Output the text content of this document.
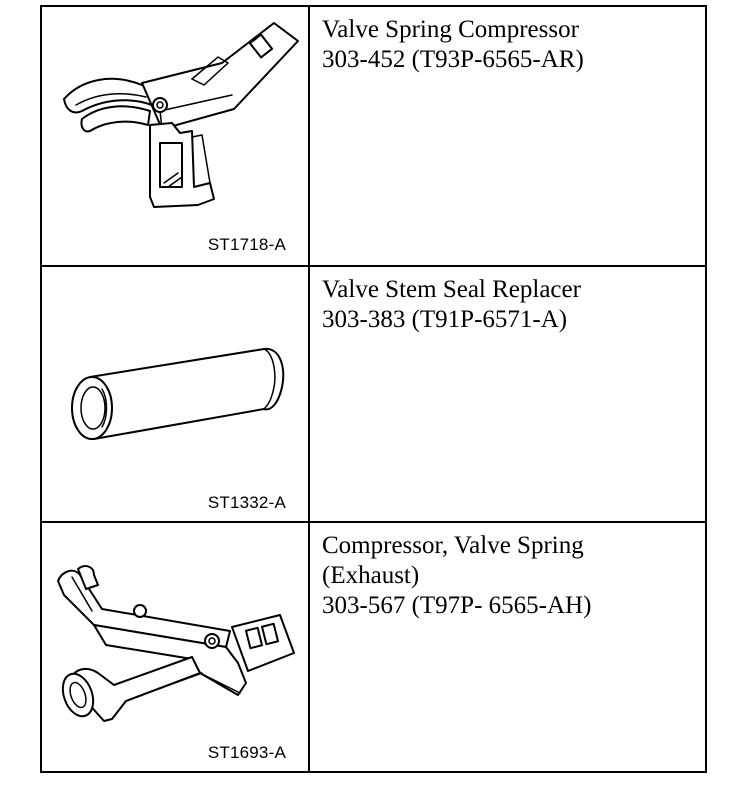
ST1718-A
Valve Spring Compressor
303-452 (T93P-6565-AR)
ST1332-A
Valve Stem Seal Replacer
303-383 (T91P-6571-A)
ST1693-A
Compressor, Valve Spring
(Exhaust)
303-567 (T97P- 6565-AH)
